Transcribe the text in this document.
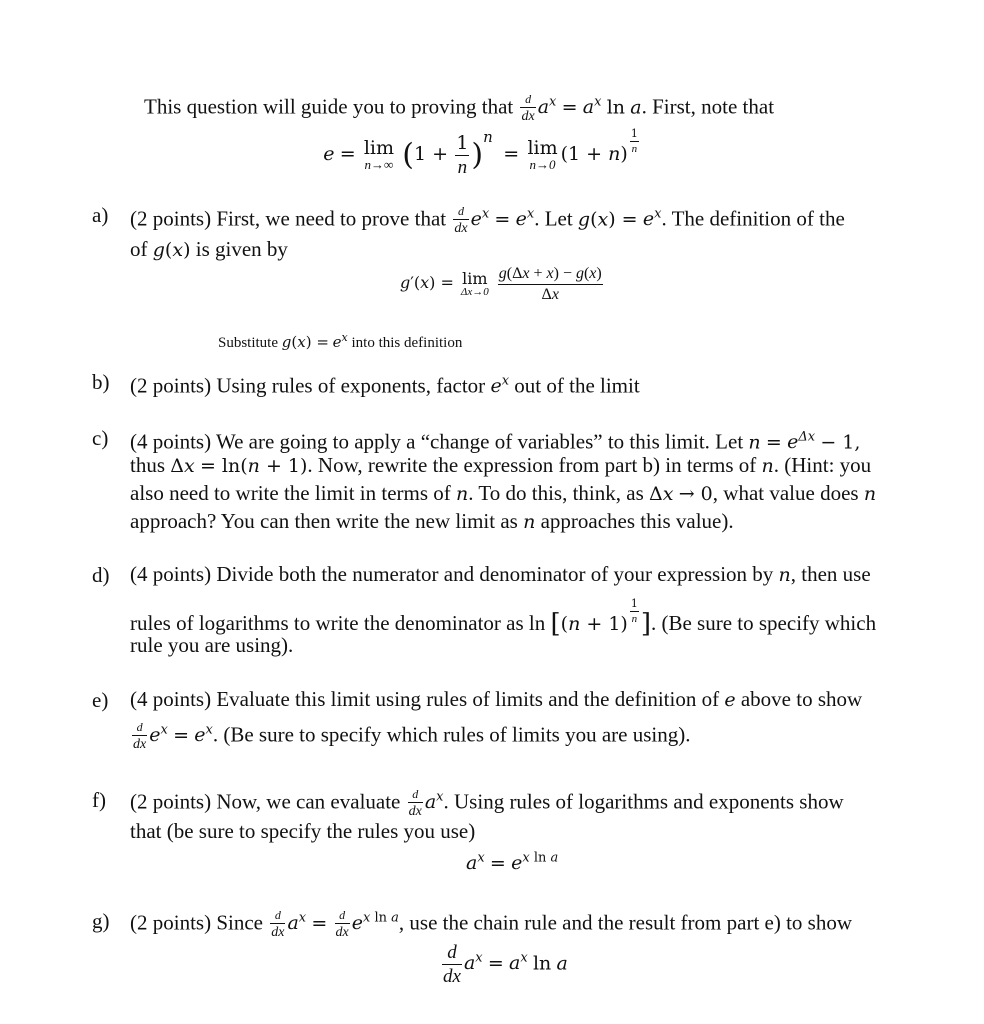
This question will guide you to proving that $\frac{d}{dx} a^x = a^x$ ln a. First, note that
e = lim
n→∞ $(1 + \frac{1}{n} )^n = \lim$
n→0 $(1 + n) \frac{1}{n}$
a) (2 points) First, we need to prove that $\frac{d}{dx} e^x = e^x$. Let $g(x) = e^x$. The definition of the
of g(x) is given by
g′(x) = lim
Δx→0
$\frac{g(\Delta x + x) - g(x)}{\Delta x}$
Substitute $g(x) = e^x$ into this definition
b) (2 points) Using rules of exponents, factor $e^x$ out of the limit
c) (4 points) We are going to apply a “change of variables” to this limit. Let $n = e^{\Delta x} - 1$,
thus Δx = ln(n + 1). Now, rewrite the expression from part b) in terms of n. (Hint: you
also need to write the limit in terms of n. To do this, think, as Δx → 0, what value does n
approach? You can then write the new limit as n approaches this value).
d) (4 points) Divide both the numerator and denominator of your expression by n, then use
rules of logarithms to write the denominator as $\ln [(n + 1) \frac{1}{n}$ ]. (Be sure to specify which
rule you are using).
e) (4 points) Evaluate this limit using rules of limits and the definition of e above to show
$\frac{d}{dx} e^x = e^x$. (Be sure to specify which rules of limits you are using).
f) (2 points) Now, we can evaluate $\frac{d}{dx} a^x$. Using rules of logarithms and exponents show
that (be sure to specify the rules you use)
$a^x = e^{x ln a}$
g) (2 points) Since $\frac{d}{dx} a^x = \frac{d}{dx} e^{x ln a}$, use the chain rule and the result from part e) to show
$\frac{d}{dx} a^x = a^x$ ln a
